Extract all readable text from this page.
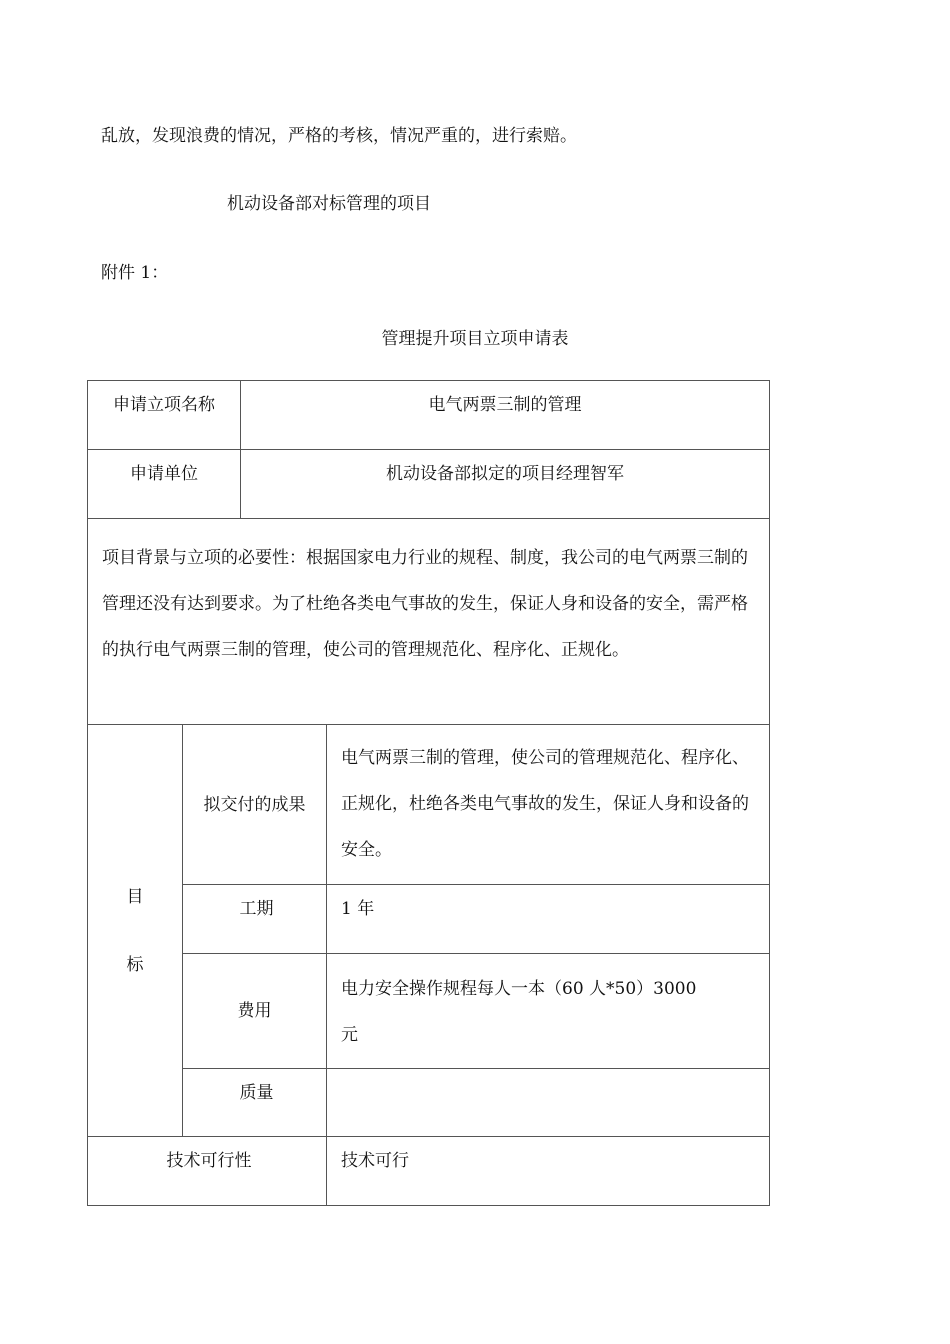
乱放，发现浪费的情况，严格的考核，情况严重的，进行索赔。
机动设备部对标管理的项目
附件 1：
管理提升项目立项申请表
申请立项名称		电气两票三制的管理	
申请单位		机动设备部拟定的项目经理智军	
项目背景与立项的必要性：根据国家电力行业的规程、制度，我公司的电气两票三制的管理还没有达到要求。为了杜绝各类电气事故的发生，保证人身和设备的安全，需严格的执行电气两票三制的管理，使公司的管理规范化、程序化、正规化。			

目
标	拟交付的成果		电气两票三制的管理，使公司的管理规范化、程序化、正规化，杜绝各类电气事故的发生，保证人身和设备的安全。
	工期		1 年
	费用		电力安全操作规程每人一本（60 人*50）3000
元

	质量		
技术可行性			技术可行
